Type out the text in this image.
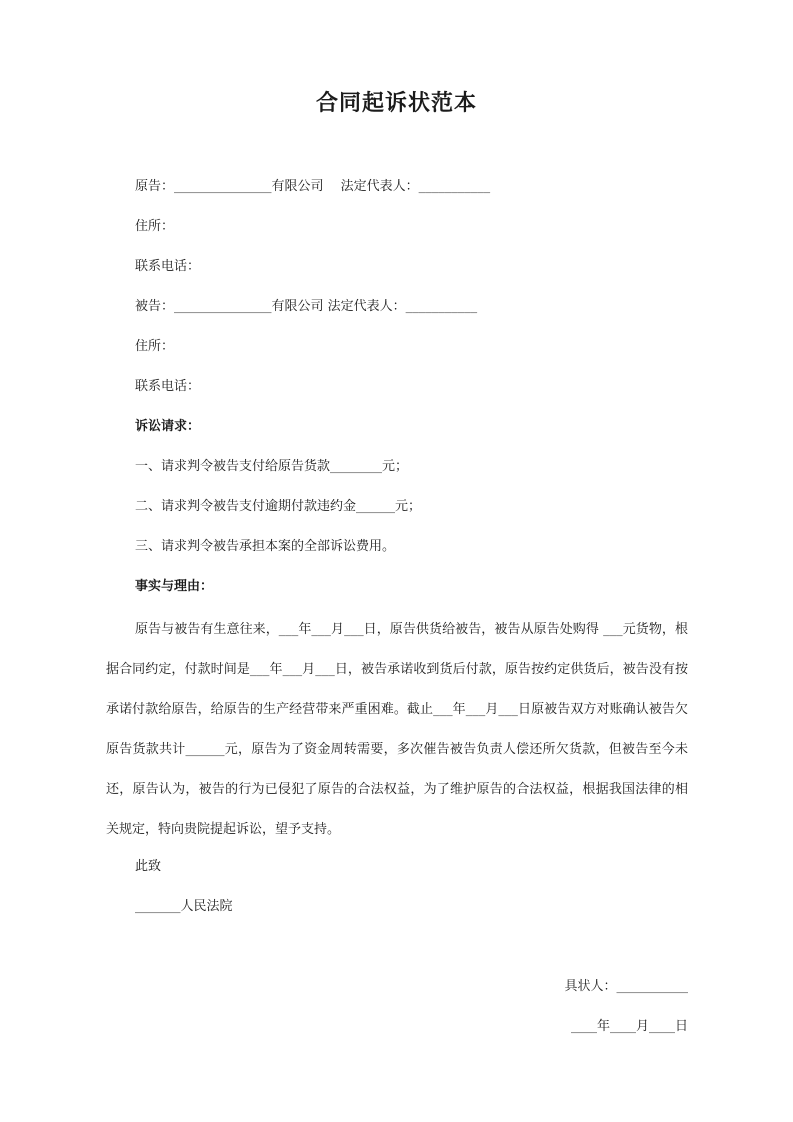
合同起诉状范本
原告：_______________有限公司　 法定代表人：___________
住所：
联系电话：
被告：_______________有限公司 法定代表人：___________
住所：
联系电话：
诉讼请求：
一、请求判令被告支付给原告货款________元；
二、请求判令被告支付逾期付款违约金______元；
三、请求判令被告承担本案的全部诉讼费用。
事实与理由：

原告与被告有生意往来，___年___月___日，原告供货给被告，被告从原告处购得 ___元货物，根据合同约定，付款时间是___年___月___日，被告承诺收到货后付款，原告按约定供货后，被告没有按承诺付款给原告，给原告的生产经营带来严重困难。截止___年___月___日原被告双方对账确认被告欠原告货款共计______元，原告为了资金周转需要，多次催告被告负责人偿还所欠货款，但被告至今未还，原告认为，被告的行为已侵犯了原告的合法权益，为了维护原告的合法权益，根据我国法律的相关规定，特向贵院提起诉讼，望予支持。

此致
_______人民法院
具状人：___________
____年____月____日
